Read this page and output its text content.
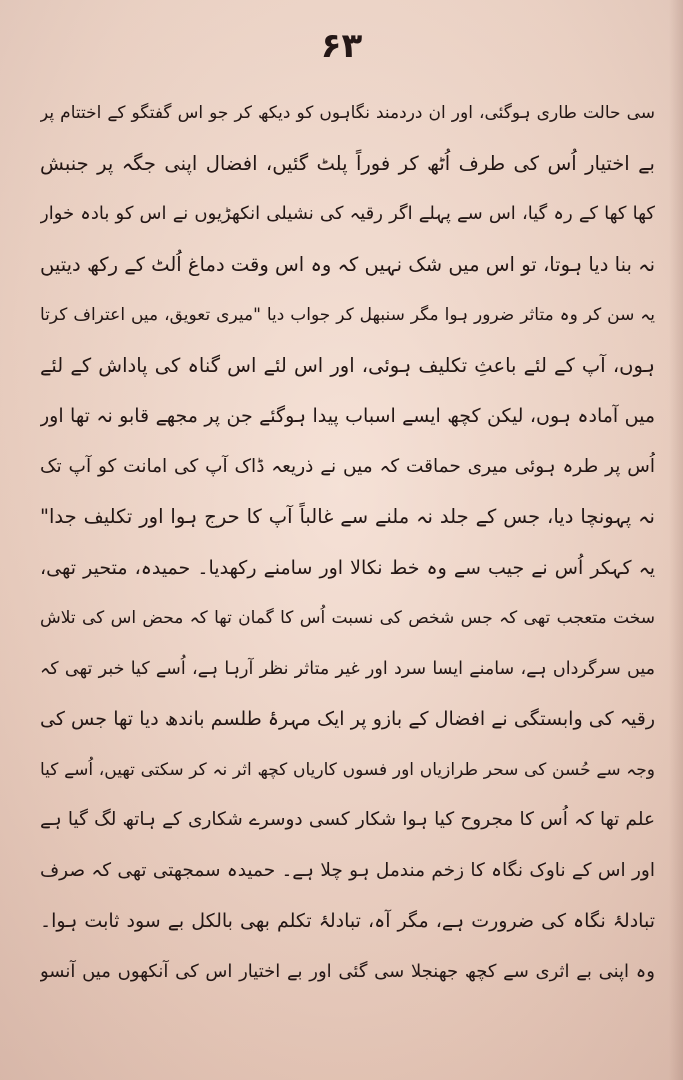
۶۳
سی حالت طاری ہوگئی، اور ان دردمند نگاہوں کو دیکھ کر جو اس گفتگو کے اختتام پر
بے اختیار اُس کی طرف اُٹھ کر فوراً پلٹ گئیں، افضال اپنی جگہ پر جنبش
کھا کھا کے رہ گیا، اس سے پہلے اگر رقیہ کی نشیلی انکھڑیوں نے اس کو بادہ خوار
نہ بنا دیا ہوتا، تو اس میں شک نہیں کہ وہ اس وقت دماغ اُلٹ کے رکھ دیتیں
یہ سن کر وہ متاثر ضرور ہوا مگر سنبھل کر جواب دیا "میری تعویق، میں اعتراف کرتا
ہوں، آپ کے لئے باعثِ تکلیف ہوئی، اور اس لئے اس گناہ کی پاداش کے لئے
میں آمادہ ہوں، لیکن کچھ ایسے اسباب پیدا ہوگئے جن پر مجھے قابو نہ تھا اور
اُس پر طرہ ہوئی میری حماقت کہ میں نے ذریعہ ڈاک آپ کی امانت کو آپ تک
نہ پہونچا دیا، جس کے جلد نہ ملنے سے غالباً آپ کا حرج ہوا اور تکلیف جدا"
یہ کہکر اُس نے جیب سے وہ خط نکالا اور سامنے رکھدیا۔ حمیدہ، متحیر تھی،
سخت متعجب تھی کہ جس شخص کی نسبت اُس کا گمان تھا کہ محض اس کی تلاش
میں سرگرداں ہے، سامنے ایسا سرد اور غیر متاثر نظر آرہا ہے، اُسے کیا خبر تھی کہ
رقیہ کی وابستگی نے افضال کے بازو پر ایک مہرۂ طلسم باندھ دیا تھا جس کی
وجہ سے حُسن کی سحر طرازیاں اور فسوں کاریاں کچھ اثر نہ کر سکتی تھیں، اُسے کیا
علم تھا کہ اُس کا مجروح کیا ہوا شکار کسی دوسرے شکاری کے ہاتھ لگ گیا ہے
اور اس کے ناوک نگاہ کا زخم مندمل ہو چلا ہے۔ حمیدہ سمجھتی تھی کہ صرف
تبادلۂ نگاہ کی ضرورت ہے، مگر آہ، تبادلۂ تکلم بھی بالکل بے سود ثابت ہوا۔
وہ اپنی بے اثری سے کچھ جھنجلا سی گئی اور بے اختیار اس کی آنکھوں میں آنسو
